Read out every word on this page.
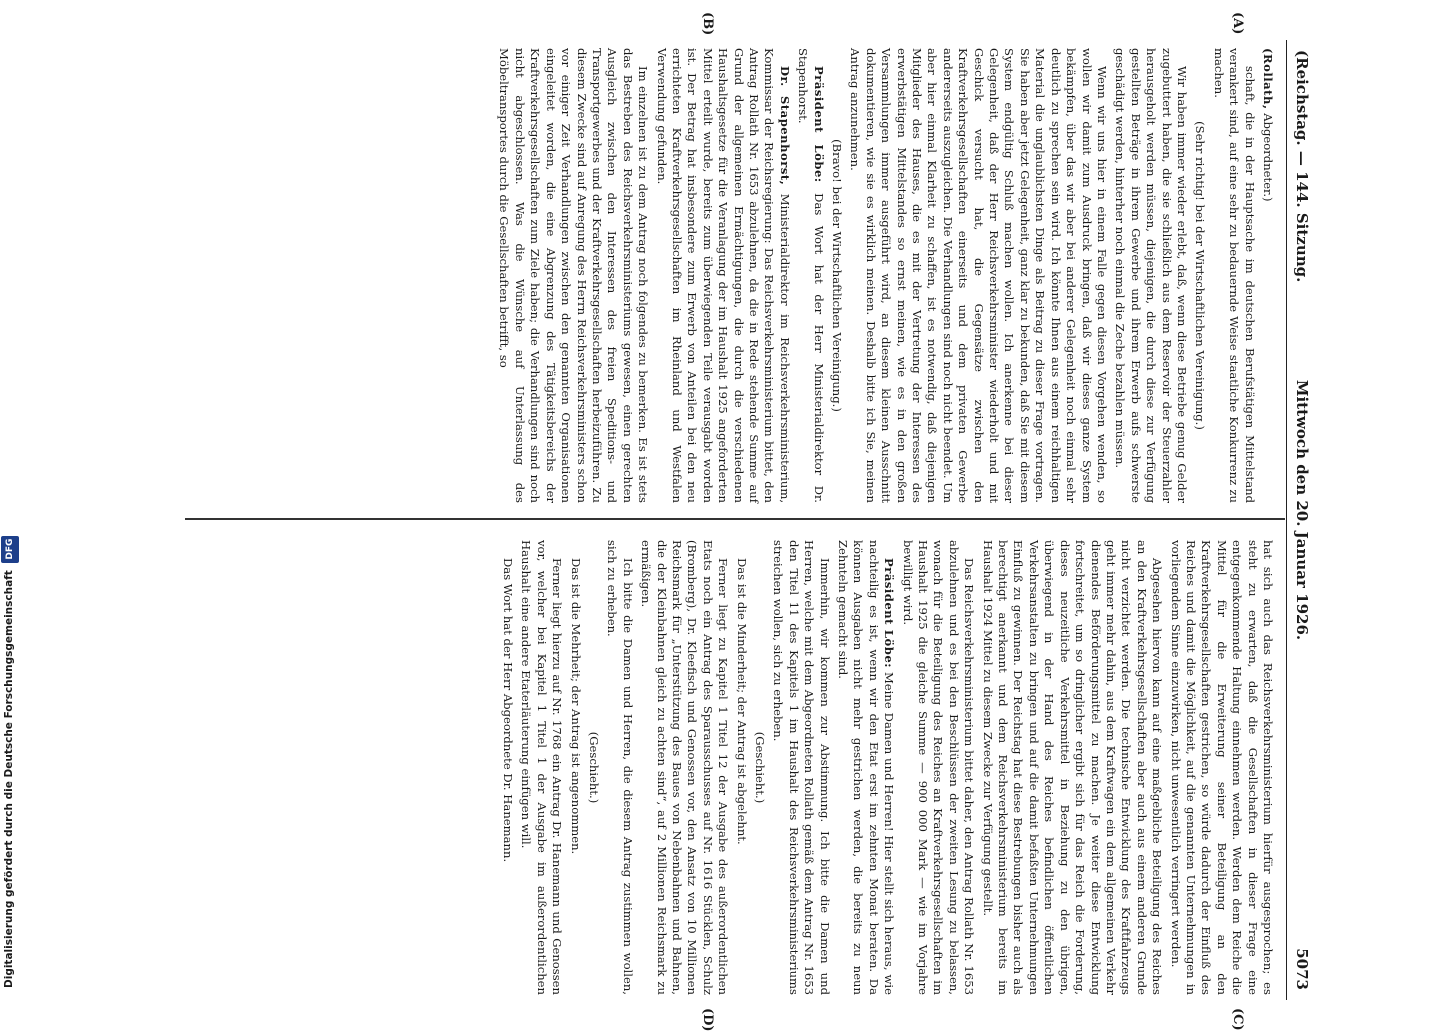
(Reichstag. — 144. Sitzung.
Mittwoch den 20. Januar 1926.
5073
(A)
(B)
(C)
(D)

(Rollath, Abgeordneter.)

schaft, die in der Hauptsache im deutschen Berufstätigen Mittelstand verankert sind, auf eine sehr zu bedauernde Weise staatliche Konkurrenz zu machen.

(Sehr richtig! bei der Wirtschaftlichen Vereinigung.)

Wir haben immer wieder erlebt, daß, wenn diese Betriebe genug Gelder zugebuttert haben, die sie schließlich aus dem Reservoir der Steuerzahler herausgeholt werden müssen, diejenigen, die durch diese zur Verfügung gestellten Beträge in ihrem Gewerbe und ihrem Erwerb aufs schwerste geschädigt werden, hinterher noch einmal die Zeche bezahlen müssen.

Wenn wir uns hier in einem Falle gegen diesen Vorgehen wenden, so wollen wir damit zum Ausdruck bringen, daß wir dieses ganze System bekämpfen, über das wir aber bei anderer Gelegenheit noch einmal sehr deutlich zu sprechen sein wird. Ich könnte Ihnen aus einem reichhaltigen Material die unglaublichsten Dinge als Beitrag zu dieser Frage vortragen. Sie haben aber jetzt Gelegenheit, ganz klar zu bekunden, daß Sie mit diesem System endgültig Schluß machen wollen. Ich anerkenne bei dieser Gelegenheit, daß der Herr Reichsverkehrsminister wiederholt und mit Geschick versucht hat, die Gegensätze zwischen den Kraftverkehrsgesellschaften einerseits und dem privaten Gewerbe andererseits auszugleichen. Die Verhandlungen sind noch nicht beendet. Um aber hier einmal Klarheit zu schaffen, ist es notwendig, daß diejenigen Mitglieder des Hauses, die es mit der Vertretung der Interessen des erwerbstätigen Mittelstandes so ernst meinen, wie es in den großen Versammlungen immer ausgeführt wird, an diesem kleinen Ausschnitt dokumentieren, wie sie es wirklich meinen. Deshalb bitte ich Sie, meinen Antrag anzunehmen.

(Bravo! bei der Wirtschaftlichen Vereinigung.)

Präsident Löbe: Das Wort hat der Herr Ministerialdirektor Dr. Stapenhorst.

Dr. Stapenhorst, Ministerialdirektor im Reichsverkehrsministerium, Kommissar der Reichsregierung: Das Reichsverkehrsministerium bittet, den Antrag Rollath Nr. 1653 abzulehnen, da die in Rede stehende Summe auf Grund der allgemeinen Ermächtigungen, die durch die verschiedenen Haushaltsgesetze für die Veranlagung der im Haushalt 1925 angeforderten Mittel erteilt wurde, bereits zum überwiegenden Teile verausgabt worden ist. Der Betrag hat insbesondere zum Erwerb von Anteilen bei den neu errichteten Kraftverkehrsgesellschaften im Rheinland und Westfalen Verwendung gefunden.

Im einzelnen ist zu dem Antrag noch folgendes zu bemerken. Es ist stets das Bestreben des Reichsverkehrsministeriums gewesen, einen gerechten Ausgleich zwischen den Interessen des freien Speditions- und Transportgewerbes und der Kraftverkehrsgesellschaften herbeizuführen. Zu diesem Zwecke sind auf Anregung des Herrn Reichsverkehrsministers schon vor einiger Zeit Verhandlungen zwischen den genannten Organisationen eingeleitet worden, die eine Abgrenzung des Tätigkeitsbereichs der Kraftverkehrsgesellschaften zum Ziele haben; die Verhandlungen sind noch nicht abgeschlossen. Was die Wünsche auf Unterlassung des Möbeltransportes durch die Gesellschaften betrifft, so

hat sich auch das Reichsverkehrsministerium hierfür ausgesprochen; es steht zu erwarten, daß die Gesellschaften in dieser Frage eine entgegenkommende Haltung einnehmen werden. Werden dem Reiche die Mittel für die Erweiterung seiner Beteiligung an den Kraftverkehrsgesellschaften gestrichen, so würde dadurch der Einfluß des Reiches und damit die Möglichkeit, auf die genannten Unternehmungen in vorliegendem Sinne einzuwirken, nicht unwesentlich verringert werden.

Abgesehen hiervon kann auf eine maßgebliche Beteiligung des Reiches an den Kraftverkehrsgesellschaften aber auch aus einem anderen Grunde nicht verzichtet werden. Die technische Entwicklung des Kraftfahrzeugs geht immer mehr dahin, aus dem Kraftwagen ein dem allgemeinen Verkehr dienendes Beförderungsmittel zu machen. Je weiter diese Entwicklung fortschreitet, um so dringlicher ergibt sich für das Reich die Forderung, dieses neuzeitliche Verkehrsmittel in Beziehung zu den übrigen, überwiegend in der Hand des Reiches befindlichen öffentlichen Verkehrsanstalten zu bringen und auf die damit befaßten Unternehmungen Einfluß zu gewinnen. Der Reichstag hat diese Bestrebungen bisher auch als berechtigt anerkannt und dem Reichsverkehrsministerium bereits im Haushalt 1924 Mittel zu diesem Zwecke zur Verfügung gestellt.

Das Reichsverkehrsministerium bittet daher, den Antrag Rollath Nr. 1653 abzulehnen und es bei den Beschlüssen der zweiten Lesung zu belassen, wonach für die Beteiligung des Reiches an Kraftverkehrsgesellschaften im Haushalt 1925 die gleiche Summe — 900 000 Mark — wie im Vorjahre bewilligt wird.

Präsident Löbe: Meine Damen und Herren! Hier stellt sich heraus, wie nachteilig es ist, wenn wir den Etat erst im zehnten Monat beraten. Da können Ausgaben nicht mehr gestrichen werden, die bereits zu neun Zehnteln gemacht sind.

Immerhin, wir kommen zur Abstimmung. Ich bitte die Damen und Herren, welche mit dem Abgeordneten Rollath gemäß dem Antrag Nr. 1653 den Titel 11 des Kapitels 1 im Haushalt des Reichsverkehrsministeriums streichen wollen, sich zu erheben.

(Geschieht.)

Das ist die Minderheit; der Antrag ist abgelehnt.

Ferner liegt zu Kapitel 1 Titel 12 der Ausgabe des außerordentlichen Etats noch ein Antrag des Sparausschusses auf Nr. 1616 Stücklen, Schulz (Bromberg), Dr. Kleefisch und Genossen vor, den Ansatz von 10 Millionen Reichsmark für „Unterstützung des Baues von Nebenbahnen und Bahnen, die der Kleinbahnen gleich zu achten sind“, auf 2 Millionen Reichsmark zu ermäßigen.

Ich bitte die Damen und Herren, die diesem Antrag zustimmen wollen, sich zu erheben.

(Geschieht.)

Das ist die Mehrheit; der Antrag ist angenommen.

Ferner liegt hierzu auf Nr. 1768 ein Antrag Dr. Hanemann und Genossen vor, welcher bei Kapitel 1 Titel 1 der Ausgabe im außerordentlichen Haushalt eine andere Etaterläuterung einfügen will.

Das Wort hat der Herr Abgeordnete Dr. Hanemann.

Digitalisierung gefördert durch die Deutsche Forschungsgemeinschaft DFG
